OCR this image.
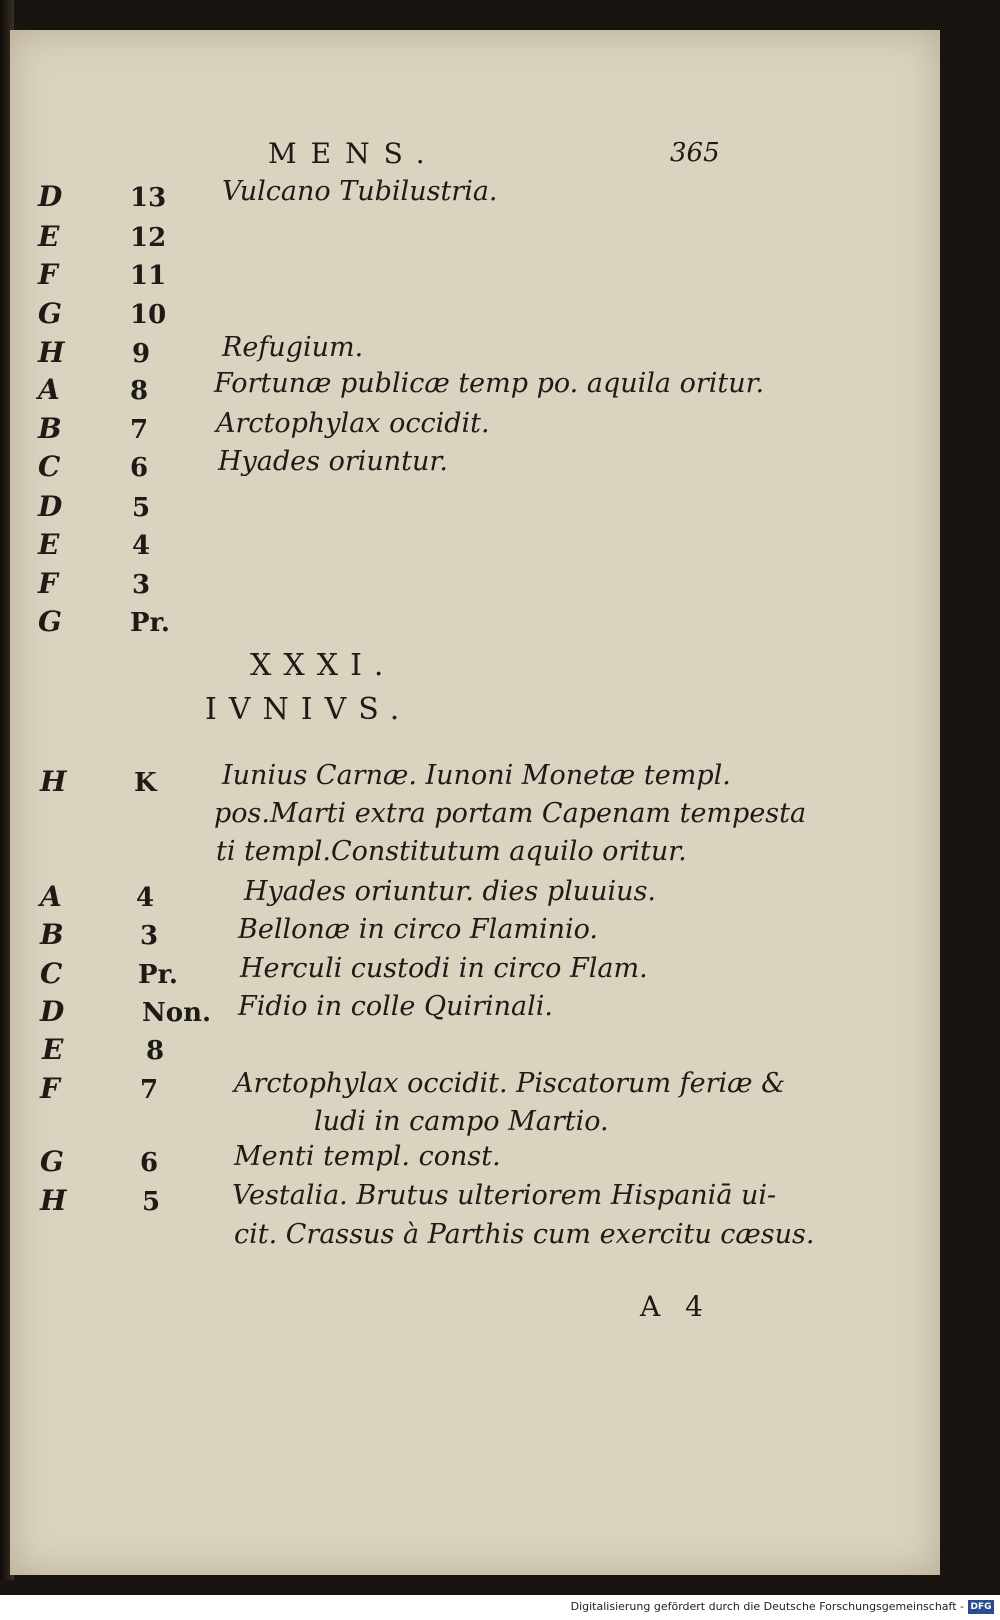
MENS.	365
D	13 Vulcano Tubilustria.
E	12
F	11
G	10
H	9	Refugium.
A	8 Fortunæ publicæ temp po. aquila oritur.
B	7	Arctophylax occidit.
C	6	Hyades oriuntur.
D	5
E	4
F	3
G	Pr.
XXXI.
IVNIVS.
H	K Iunius Carnæ. Iunoni Monetæ templ.
pos.Marti extra portam Capenam tempesta
ti templ.Constitutum aquilo oritur.
A	4	Hyades oriuntur. dies pluuius.
B	3	Bellonæ in circo Flaminio.
C	Pr. Herculi custodi in circo Flam.
D	Non. Fidio in colle Quirinali.
E	8
F	7	Arctophylax occidit. Piscatorum feriæ &
ludi in campo Martio.
G	6	Menti templ. const.
H	5	Vestalia. Brutus ulteriorem Hispaniā ui-
cit. Crassus à Parthis cum exercitu cæsus.
A 4
Digitalisierung gefördert durch die Deutsche Forschungsgemeinschaft - DFG
